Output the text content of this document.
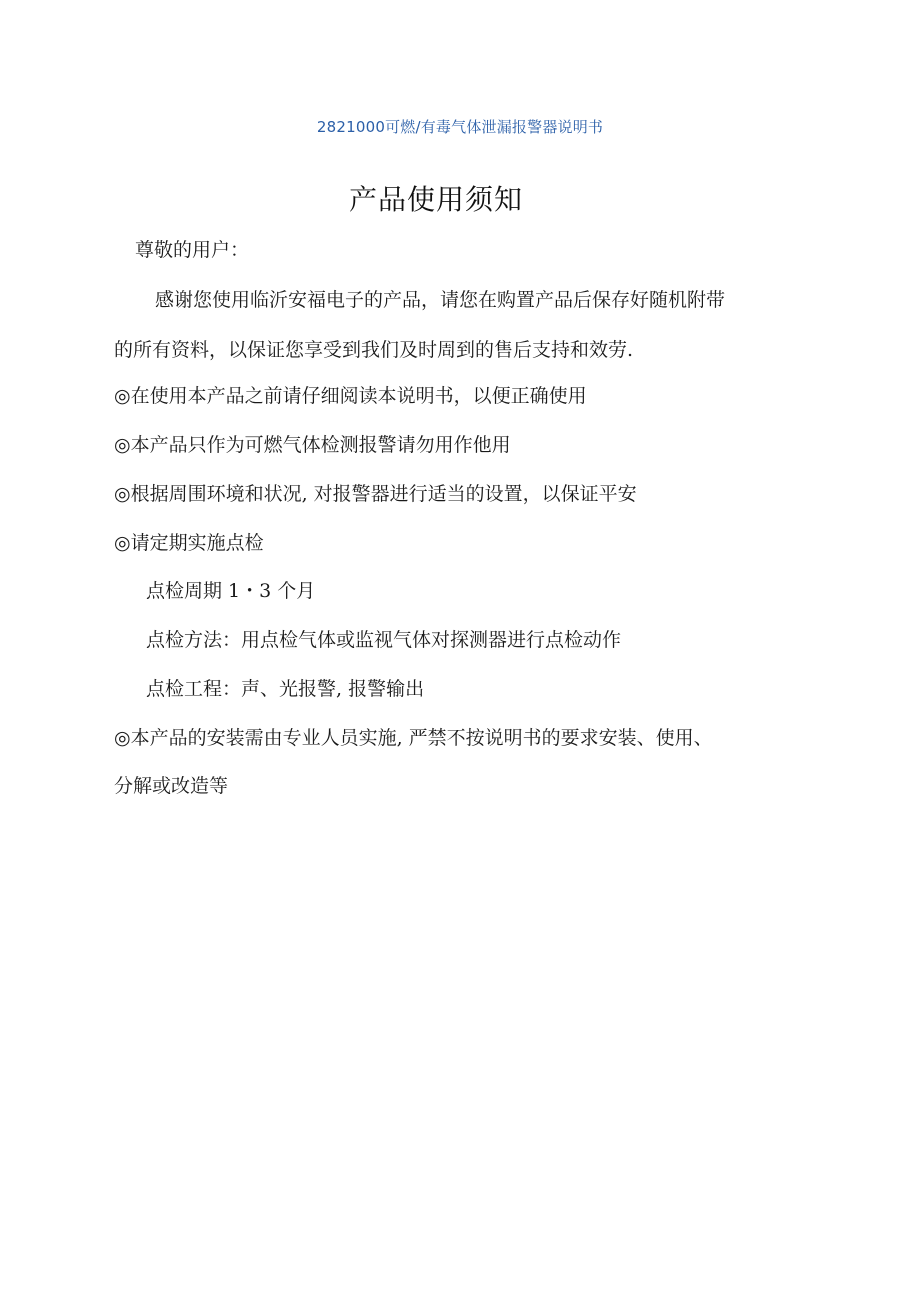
2821000可燃/有毒气体泄漏报警器说明书
产品使用须知
尊敬的用户：
感谢您使用临沂安福电子的产品，请您在购置产品后保存好随机附带
的所有资料，以保证您享受到我们及时周到的售后支持和效劳.
◎在使用本产品之前请仔细阅读本说明书，以便正确使用
◎本产品只作为可燃气体检测报警请勿用作他用
◎根据周围环境和状况, 对报警器进行适当的设置，以保证平安
◎请定期实施点检
点检周期 1・3 个月
点检方法：用点检气体或监视气体对探测器进行点检动作
点检工程：声、光报警, 报警输出
◎本产品的安装需由专业人员实施, 严禁不按说明书的要求安装、使用、
分解或改造等
